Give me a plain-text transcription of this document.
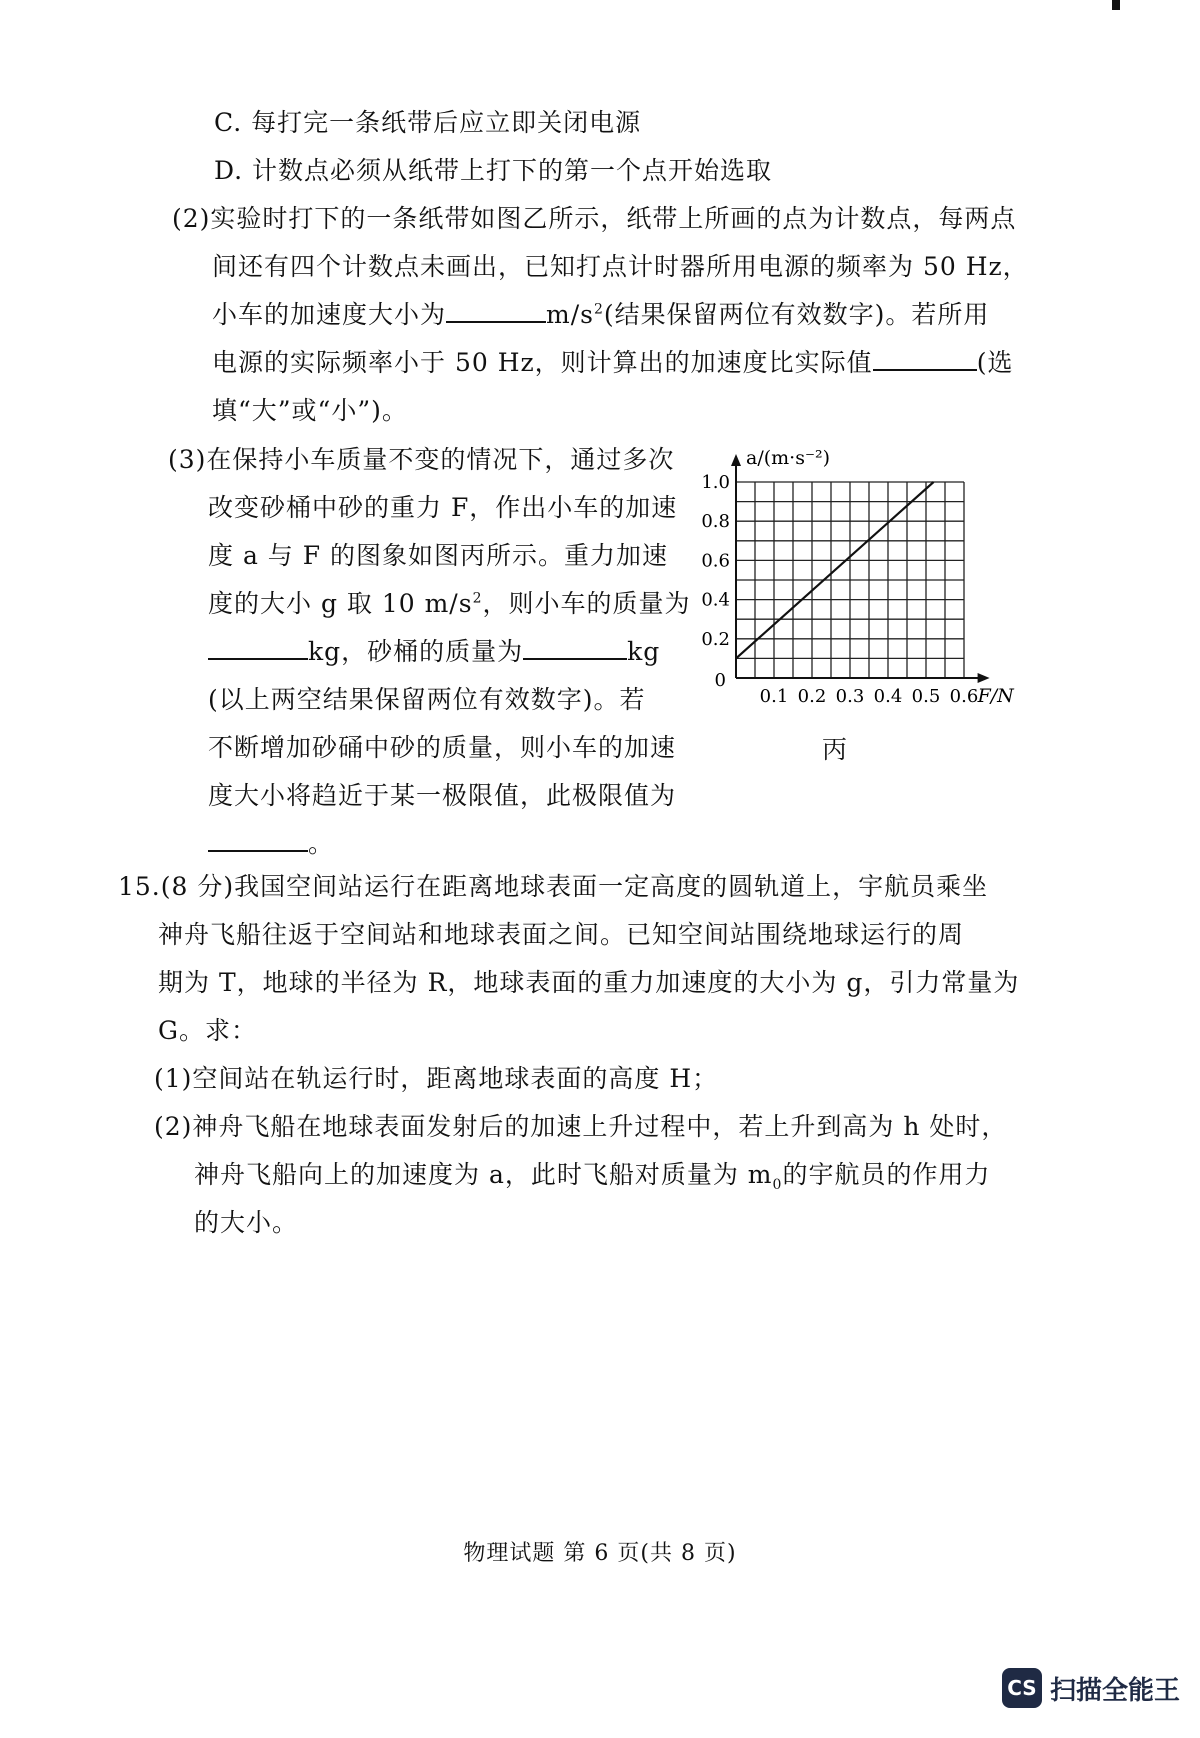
C. 每打完一条纸带后应立即关闭电源
D. 计数点必须从纸带上打下的第一个点开始选取
(2)实验时打下的一条纸带如图乙所示，纸带上所画的点为计数点，每两点
间还有四个计数点未画出，已知打点计时器所用电源的频率为 50 Hz，
小车的加速度大小为	$m/s^2$(结果保留两位有效数字)。若所用
电源的实际频率小于 50 Hz，则计算出的加速度比实际值	(选
填“大”或“小”)。
(3)在保持小车质量不变的情况下，通过多次
改变砂桶中砂的重力 F，作出小车的加速
度 a 与 F 的图象如图丙所示。重力加速
度的大小 g 取 10 $m/s^2$，则小车的质量为
kg，砂桶的质量为	kg
(以上两空结果保留两位有效数字)。若
不断增加砂硧中砂的质量，则小车的加速
度大小将趋近于某一极限值，此极限值为
。
0.1 0.2 0.3 0.4 0.5 0.6
0.2
0.4
0.6
0.8
1.0
0
F/N
a/(m·s⁻²)
丙
15.(8 分)我国空间站运行在距离地球表面一定高度的圆轨道上，宇航员乘坐
神舟飞船往返于空间站和地球表面之间。已知空间站围绕地球运行的周
期为 T，地球的半径为 R，地球表面的重力加速度的大小为 g，引力常量为
G。求：
(1)空间站在轨运行时，距离地球表面的高度 H；
(2)神舟飞船在地球表面发射后的加速上升过程中，若上升到高为 h 处时，
神舟飞船向上的加速度为 a，此时飞船对质量为 $m_0$的宇航员的作用力
的大小。
物理试题 第 6 页(共 8 页)
CS 扫描全能王
